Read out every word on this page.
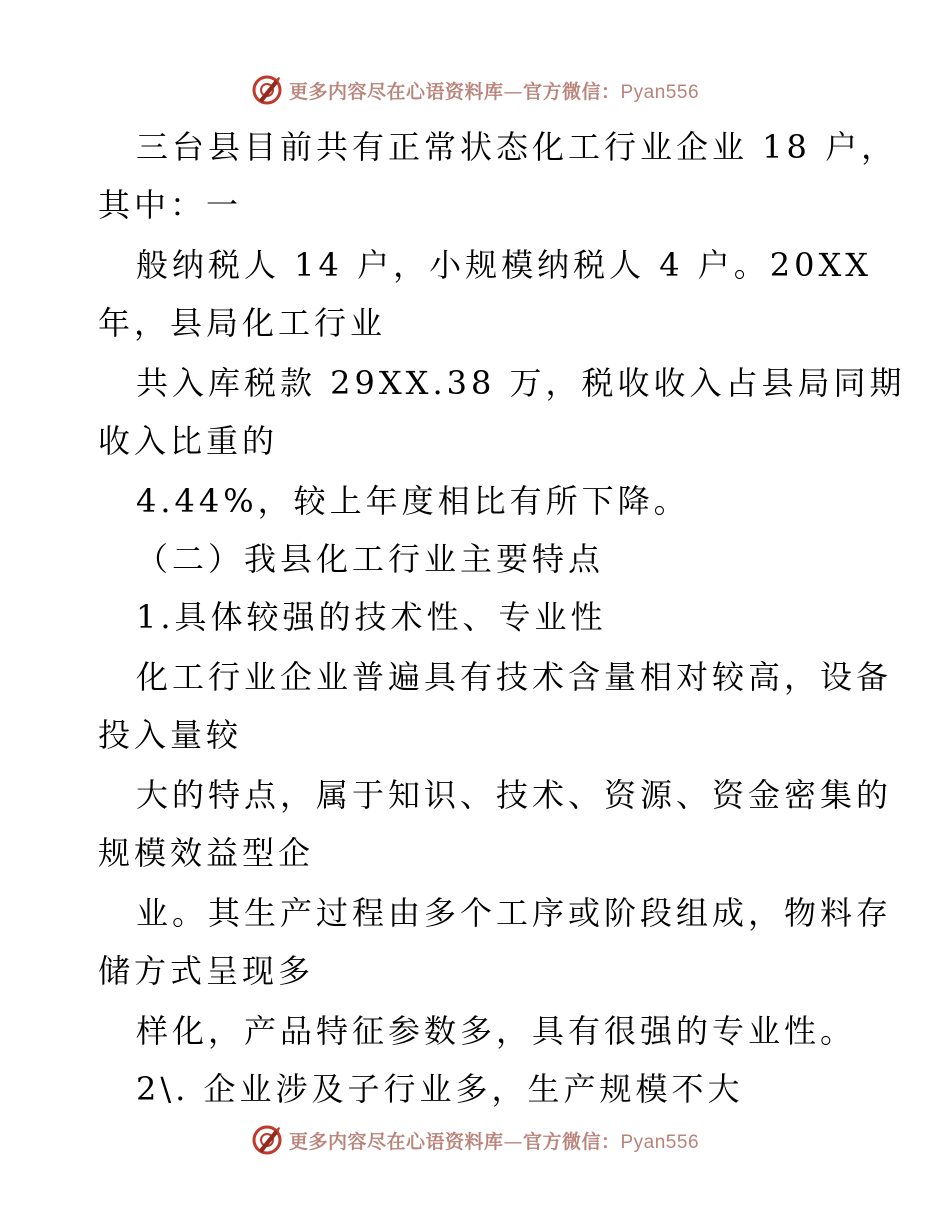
更多内容尽在心语资料库—官方微信：Pyan556
三台县目前共有正常状态化工行业企业 18 户，
其中：一
般纳税人 14 户，小规模纳税人 4 户。20XX
年，县局化工行业
共入库税款 29XX.38 万，税收收入占县局同期
收入比重的
4.44%，较上年度相比有所下降。
（二）我县化工行业主要特点
1.具体较强的技术性、专业性
化工行业企业普遍具有技术含量相对较高，设备
投入量较
大的特点，属于知识、技术、资源、资金密集的
规模效益型企
业。其生产过程由多个工序或阶段组成，物料存
储方式呈现多
样化，产品特征参数多，具有很强的专业性。
2\. 企业涉及子行业多，生产规模不大
更多内容尽在心语资料库—官方微信：Pyan556
